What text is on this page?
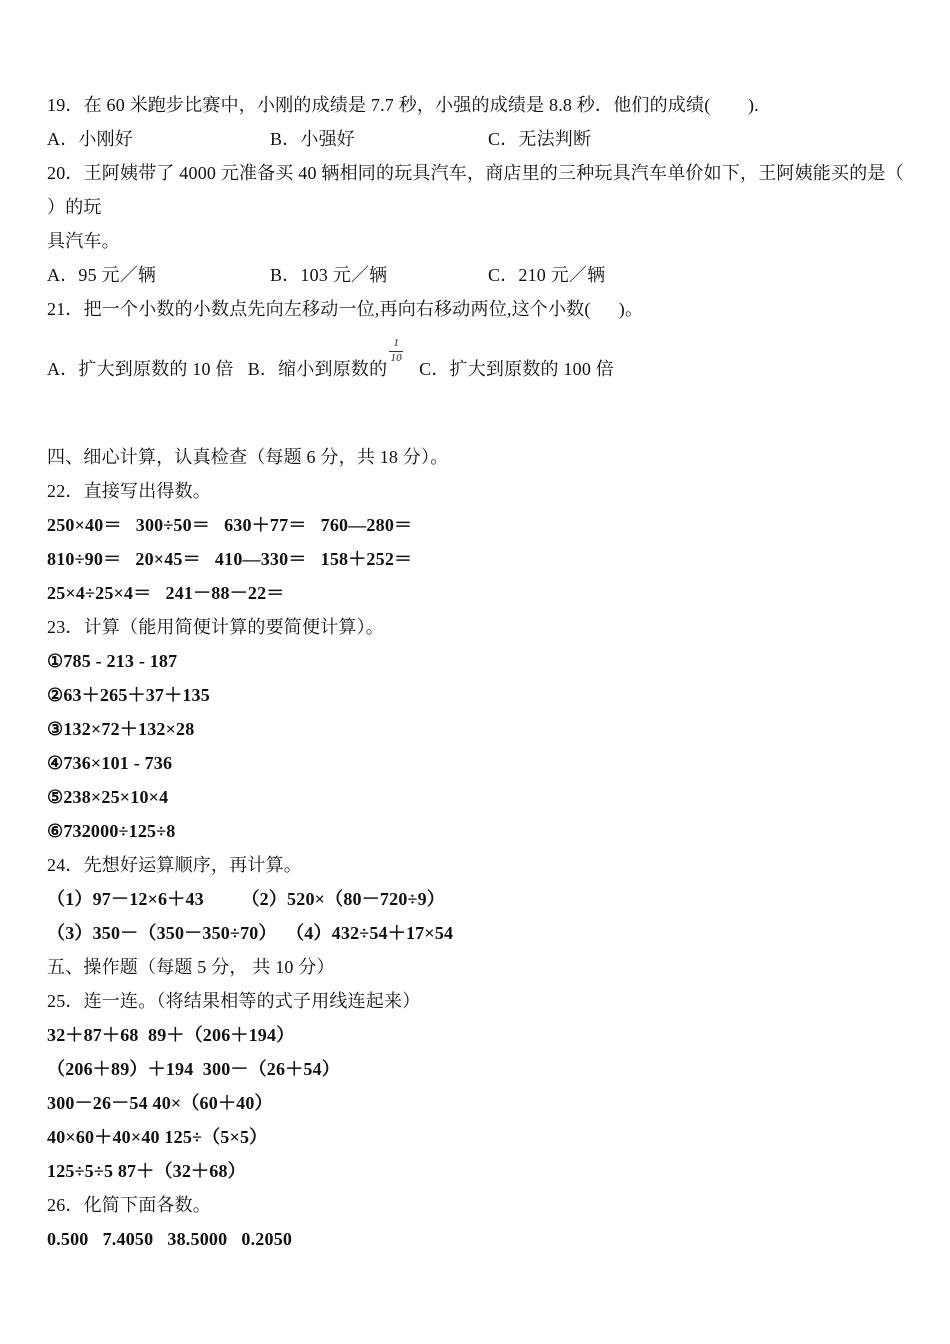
19．在 60 米跑步比赛中，小刚的成绩是 7.7 秒，小强的成绩是 8.8 秒．他们的成绩(        ).

A．小刚好	B．小强好	C．无法判断

20．王阿姨带了 4000 元准备买 40 辆相同的玩具汽车，商店里的三种玩具汽车单价如下，王阿姨能买的是（  ）的玩

具汽车。

A．95 元／辆	B．103 元／辆	C．210 元／辆

21．把一个小数的小数点先向左移动一位,再向右移动两位,这个小数(      )。

A．扩大到原数的 10 倍   B．缩小到原数的
$\frac{1}{10}$
C．扩大到原数的 100 倍

四、细心计算，认真检查（每题 6 分，共 18 分）。

22．直接写出得数。

250×40＝   300÷50＝   630＋77＝   760—280＝

810÷90＝   20×45＝   410—330＝   158＋252＝

25×4÷25×4＝   241－88－22＝

23．计算（能用简便计算的要简便计算）。

①785 - 213 - 187

②63＋265＋37＋135

③132×72＋132×28

④736×101 - 736

⑤238×25×10×4

⑥732000÷125÷8

24．先想好运算顺序，再计算。

（1）97－12×6＋43        （2）520×（80－720÷9）

（3）350－（350－350÷70）  （4）432÷54＋17×54

五、操作题（每题 5 分， 共 10 分）

25．连一连。（将结果相等的式子用线连起来）

32＋87＋68  89＋（206＋194）

（206＋89）＋194  300－（26＋54）

300－26－54 40×（60＋40）

40×60＋40×40 125÷（5×5）

125÷5÷5 87＋（32＋68）

26．化简下面各数。

0.500   7.4050   38.5000   0.2050
